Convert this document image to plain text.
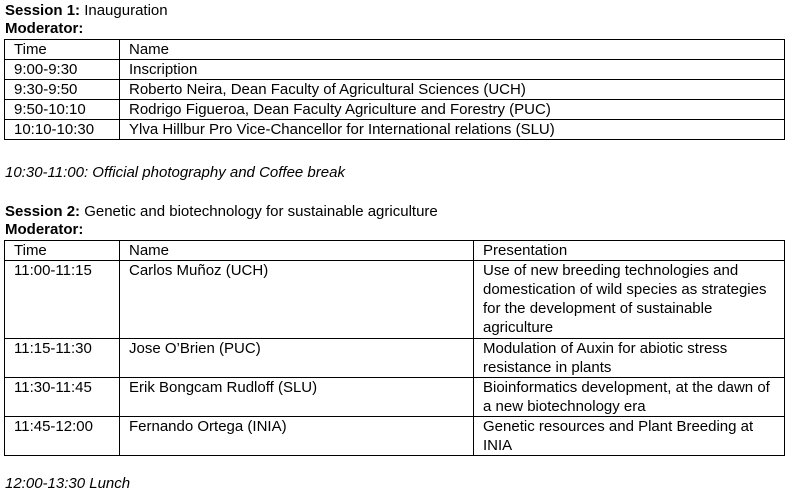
Session 1: Inauguration
Moderator:
Time	Name
9:00-9:30	Inscription
9:30-9:50	Roberto Neira, Dean Faculty of Agricultural Sciences (UCH)
9:50-10:10	Rodrigo Figueroa, Dean Faculty Agriculture and Forestry (PUC)
10:10-10:30	Ylva Hillbur Pro Vice-Chancellor for International relations (SLU)
10:30-11:00: Official photography and Coffee break
Session 2: Genetic and biotechnology for sustainable agriculture
Moderator:
Time	Name	Presentation
11:00-11:15	Carlos Muñoz (UCH)	Use of new breeding technologies and domestication of wild species as strategies for the development of sustainable agriculture
11:15-11:30	Jose O’Brien (PUC)	Modulation of Auxin for abiotic stress resistance in plants
11:30-11:45	Erik Bongcam Rudloff (SLU)	Bioinformatics development, at the dawn of a new biotechnology era
11:45-12:00	Fernando Ortega (INIA)	Genetic resources and Plant Breeding at INIA
12:00-13:30 Lunch
